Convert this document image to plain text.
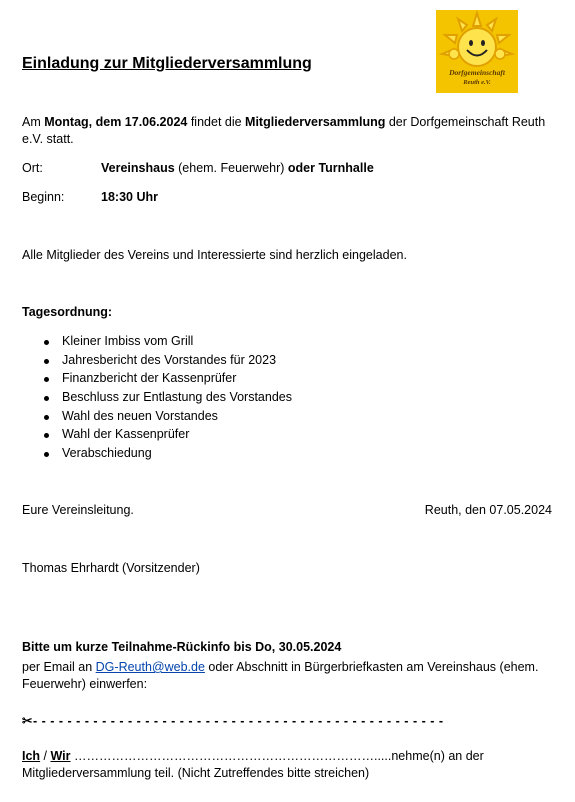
Dorfgemeinschaft
Reuth e.V.
Einladung zur Mitgliederversammlung
Am Montag, dem 17.06.2024 findet die Mitgliederversammlung der Dorfgemeinschaft Reuth e.V. statt.
Ort:	Vereinshaus (ehem. Feuerwehr) oder Turnhalle
Beginn:	18:30 Uhr
Alle Mitglieder des Vereins und Interessierte sind herzlich eingeladen.
Tagesordnung:
Kleiner Imbiss vom Grill
Jahresbericht des Vorstandes für 2023
Finanzbericht der Kassenprüfer
Beschluss zur Entlastung des Vorstandes
Wahl des neuen Vorstandes
Wahl der Kassenprüfer
Verabschiedung
Eure Vereinsleitung.	Reuth, den 07.05.2024
Thomas Ehrhardt (Vorsitzender)
Bitte um kurze Teilnahme-Rückinfo bis Do, 30.05.2024
per Email an DG-Reuth@web.de oder Abschnitt in Bürgerbriefkasten am Vereinshaus (ehem. Feuerwehr) einwerfen:
✂- - - - - - - - - - - - - - - - - - - - - - - - - - - - - - - - - - - - - - - - - - - - - - - -
Ich / Wir ……………………………………………………………….....nehme(n) an der Mitgliederversammlung teil. (Nicht Zutreffendes bitte streichen)
